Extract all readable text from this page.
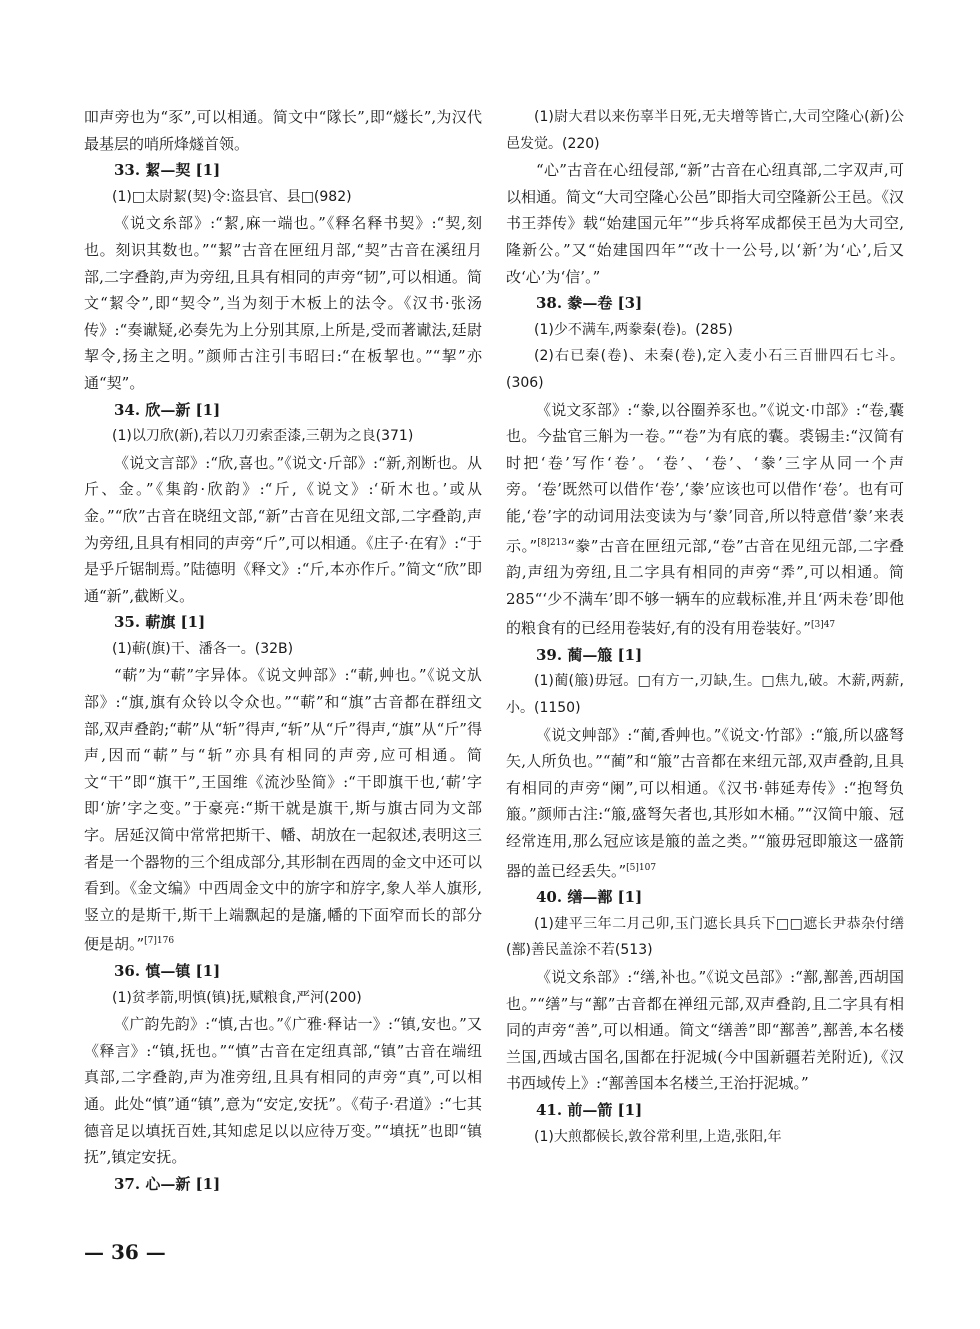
吅声旁也为“豕”,可以相通。简文中“隊长”,即“燧长”,为汉代最基层的哨所烽燧首领。

33. 絜—契 [1]

(1)□太尉絜(契)令:盗县官、县□(982)

《说文糸部》:“絜,麻一端也。”《释名释书契》:“契,刻也。刻识其数也。”“絜”古音在匣纽月部,“契”古音在溪纽月部,二字叠韵,声为旁纽,且具有相同的声旁“韧”,可以相通。简文“絜令”,即“契令”,当为刻于木板上的法令。《汉书·张汤传》:“奏谳疑,必奏先为上分别其原,上所是,受而著谳法,廷尉挈令,扬主之明。”颜师古注引韦昭曰:“在板挈也。”“挈”亦通“契”。

34. 欣—新 [1]

(1)以刀欣(新),若以刀刃索歪漆,三朝为之良(371)

《说文言部》:“欣,喜也。”《说文·斤部》:“新,剂断也。从斤、金。”《集韵·欣韵》:“斤,《说文》:‘斫木也。’或从金。”“欣”古音在晓纽文部,“新”古音在见纽文部,二字叠韵,声为旁纽,且具有相同的声旁“斤”,可以相通。《庄子·在宥》:“于是乎斤锯制焉。”陆德明《释文》:“斤,本亦作斤。”简文“欣”即通“新”,截断义。

35. 蔪旗 [1]

(1)蔪(旗)干、潘各一。(32B)

“蔪”为“蔪”字异体。《说文艸部》:“蔪,艸也。”《说文㫃部》:“旗,旗有众铃以令众也。”“蔪”和“旗”古音都在群纽文部,双声叠韵;“蔪”从“斩”得声,“斩”从“斤”得声,“旗”从“斤”得声,因而“蔪”与“斩”亦具有相同的声旁,应可相通。简文“干”即“旗干”,王国维《流沙坠简》:“干即旗干也,‘蔪’字即‘旂’字之变。”于豪亮:“斯干就是旗干,斯与旗古同为文部字。居延汉简中常常把斯干、幡、胡放在一起叙述,表明这三者是一个器物的三个组成部分,其形制在西周的金文中还可以看到。《金文编》中西周金文中的旂字和斿字,象人举人旗形,竖立的是斯干,斯干上端飘起的是旛,幡的下面窄而长的部分便是胡。”$^{[7]176}$

36. 慎—镇 [1]

(1)贫孝箭,明慎(镇)抚,赋粮食,严河(200)

《广韵先韵》:“慎,古也。”《广雅·释诂一》:“镇,安也。”又《释言》:“镇,抚也。”“慎”古音在定纽真部,“镇”古音在端纽真部,二字叠韵,声为准旁纽,且具有相同的声旁“真”,可以相通。此处“慎”通“镇”,意为“安定,安抚”。《荀子·君道》:“七其德音足以填抚百姓,其知虑足以以应待万变。”“填抚”也即“镇抚”,镇定安抚。

37. 心—新 [1]

(1)尉大君以来伤辜半日死,无夫增等皆亡,大司空隆心(新)公邑发觉。(220)

“心”古音在心纽侵部,“新”古音在心纽真部,二字双声,可以相通。简文“大司空隆心公邑”即指大司空隆新公王邑。《汉书王莽传》载“始建国元年”“步兵将军成都侯王邑为大司空,隆新公。”又“始建国四年”“改十一公号,以‘新’为‘心’,后又改‘心’为‘信’。”

38. 豢—卷 [3]

(1)少不满车,两豢秦(卷)。(285)

(2)右已秦(卷)、未秦(卷),定入麦小石三百卌四石七斗。(306)

《说文豕部》:“豢,以谷圈养豕也。”《说文·巾部》:“卷,囊也。今盐官三斛为一卷。”“卷”为有底的囊。裘锡圭:“汉简有时把‘卷’写作‘卷’。‘卷’、‘卷’、‘豢’三字从同一个声旁。‘卷’既然可以借作‘卷’,‘豢’应该也可以借作‘卷’。也有可能,‘卷’字的动词用法变读为与‘豢’同音,所以特意借‘豢’来表示。”$^{[8]213}$“豢”古音在匣纽元部,“卷”古音在见纽元部,二字叠韵,声纽为旁纽,且二字具有相同的声旁“𢍏”,可以相通。简285“‘少不满车’即不够一辆车的应载标准,并且‘两未卷’即他的粮食有的已经用卷装好,有的没有用卷装好。”$^{[3]47}$

39. 蔺—箙 [1]

(1)蔺(箙)毋冠。□有方一,刃缺,生。□焦九,破。木薪,两薪,小。(1150)

《说文艸部》:“蔺,香艸也。”《说文·竹部》:“箙,所以盛弩矢,人所负也。”“蔺”和“箙”古音都在来纽元部,双声叠韵,且具有相同的声旁“阑”,可以相通。《汉书·韩延寿传》:“抱弩负箙。”颜师古注:“箙,盛弩矢者也,其形如木桶。”“汉简中箙、冠经常连用,那么冠应该是箙的盖之类。”“箙毋冠即箙这一盛箭器的盖已经丢失。”$^{[5]107}$

40. 缮—鄯 [1]

(1)建平三年二月己卯,玉门遮长具兵下□□遮长尹恭杂付缮(鄯)善民盖涂不若(513)

《说文糸部》:“缮,补也。”《说文邑部》:“鄯,鄯善,西胡国也。”“缮”与“鄯”古音都在禅纽元部,双声叠韵,且二字具有相同的声旁“善”,可以相通。简文“缮善”即“鄯善”,鄯善,本名楼兰国,西域古国名,国都在扜泥城(今中国新疆若羌附近),《汉书西域传上》:“鄯善国本名楼兰,王治扜泥城。”

41. 前—箭 [1]

(1)大煎都候长,敦谷常利里,上造,张阳,年

— 36 —
